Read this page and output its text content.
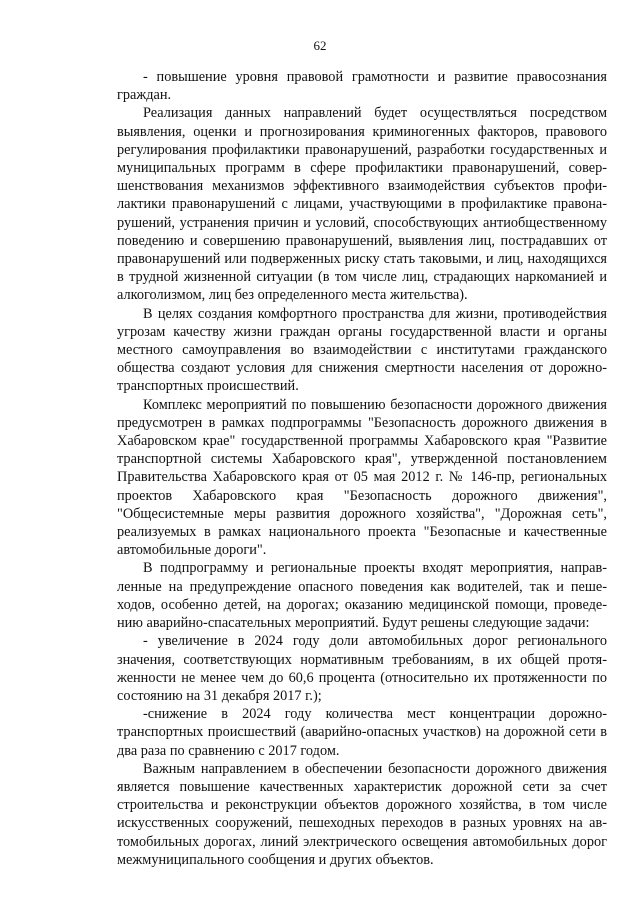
62

- повышение уровня правовой грамотности и развитие правосознания граждан.

Реализация данных направлений будет осуществляться посредством выявления, оценки и прогнозирования криминогенных факторов, правового регулирования профилактики правонарушений, разработки государственных и муниципальных программ в сфере профилактики правонарушений, совершенствования механизмов эффективного взаимодействия субъектов профилактики правонарушений с лицами, участвующими в профилактике правонарушений, устранения причин и условий, способствующих антиобщественному поведению и совершению правонарушений, выявления лиц, пострадавших от правонарушений или подверженных риску стать таковыми, и лиц, находящихся в трудной жизненной ситуации (в том числе лиц, страдающих наркоманией и алкоголизмом, лиц без определенного места жительства).

В целях создания комфортного пространства для жизни, противодействия угрозам качеству жизни граждан органы государственной власти и органы местного самоуправления во взаимодействии с институтами гражданского общества создают условия для снижения смертности населения от дорожно-транспортных происшествий.

Комплекс мероприятий по повышению безопасности дорожного движения предусмотрен в рамках подпрограммы "Безопасность дорожного движения в Хабаровском крае" государственной программы Хабаровского края "Развитие транспортной системы Хабаровского края", утвержденной постановлением Правительства Хабаровского края от 05 мая 2012 г. № 146-пр, региональных проектов Хабаровского края "Безопасность дорожного движения", "Общесистемные меры развития дорожного хозяйства", "Дорожная сеть", реализуемых в рамках национального проекта "Безопасные и качественные автомобильные дороги".

В подпрограмму и региональные проекты входят мероприятия, направленные на предупреждение опасного поведения как водителей, так и пешеходов, особенно детей, на дорогах; оказанию медицинской помощи, проведению аварийно-спасательных мероприятий. Будут решены следующие задачи:

- увеличение в 2024 году доли автомобильных дорог регионального значения, соответствующих нормативным требованиям, в их общей протяженности не менее чем до 60,6 процента (относительно их протяженности по состоянию на 31 декабря 2017 г.);

-снижение в 2024 году количества мест концентрации дорожно-транспортных происшествий (аварийно-опасных участков) на дорожной сети в два раза по сравнению с 2017 годом.

Важным направлением в обеспечении безопасности дорожного движения является повышение качественных характеристик дорожной сети за счет строительства и реконструкции объектов дорожного хозяйства, в том числе искусственных сооружений, пешеходных переходов в разных уровнях на автомобильных дорогах, линий электрического освещения автомобильных дорог межмуниципального сообщения и других объектов.
